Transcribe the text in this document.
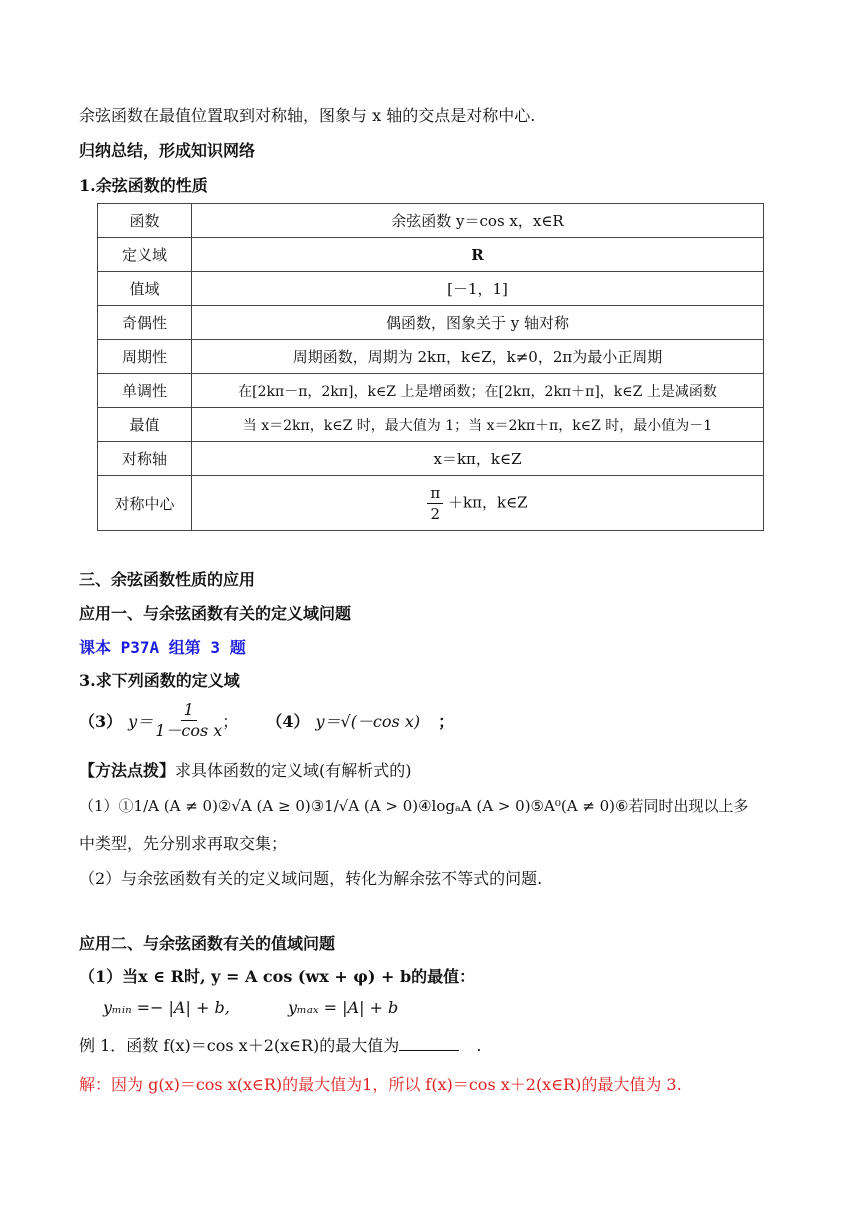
余弦函数在最值位置取到对称轴，图象与 x 轴的交点是对称中心.
归纳总结，形成知识网络
1.余弦函数的性质
函数	余弦函数 y＝cos x，x∈R
定义域	R
值域	[－1，1]
奇偶性	偶函数，图象关于 y 轴对称
周期性	周期函数，周期为 2kπ，k∈Z，k≠0，2π为最小正周期
单调性	在[2kπ－π，2kπ]，k∈Z 上是增函数；在[2kπ，2kπ＋π]，k∈Z 上是减函数
最值	当 x＝2kπ，k∈Z 时，最大值为 1；当 x＝2kπ＋π，k∈Z 时，最小值为－1
对称轴	x＝kπ，k∈Z
对称中心	$\frac{\pi}{2} +k\pi$，k∈Z
三、余弦函数性质的应用
应用一、与余弦函数有关的定义域问题
课本 P37A 组第 3 题
3.求下列函数的定义域
（3） $y= \frac{1}{\text{1－cos x}}$ ； （4） y＝√(－cos x) ；
【方法点拨】求具体函数的定义域(有解析式的)
（1）①1/A (A ≠ 0)②√A (A ≥ 0)③1/√A (A > 0)④logₐA (A > 0)⑤A⁰(A ≠ 0)⑥若同时出现以上多
中类型，先分别求再取交集；
（2）与余弦函数有关的定义域问题，转化为解余弦不等式的问题.
应用二、与余弦函数有关的值域问题
（1）当x ∈ R时, y = A cos (wx + φ) + b的最值：
yₘᵢₙ =− |A| + b,	yₘₐₓ = |A| + b
例 1．函数 f(x)＝cos x＋2(x∈R)的最大值为	.
解：因为 g(x)＝cos x(x∈R)的最大值为1，所以 f(x)＝cos x＋2(x∈R)的最大值为 3.
